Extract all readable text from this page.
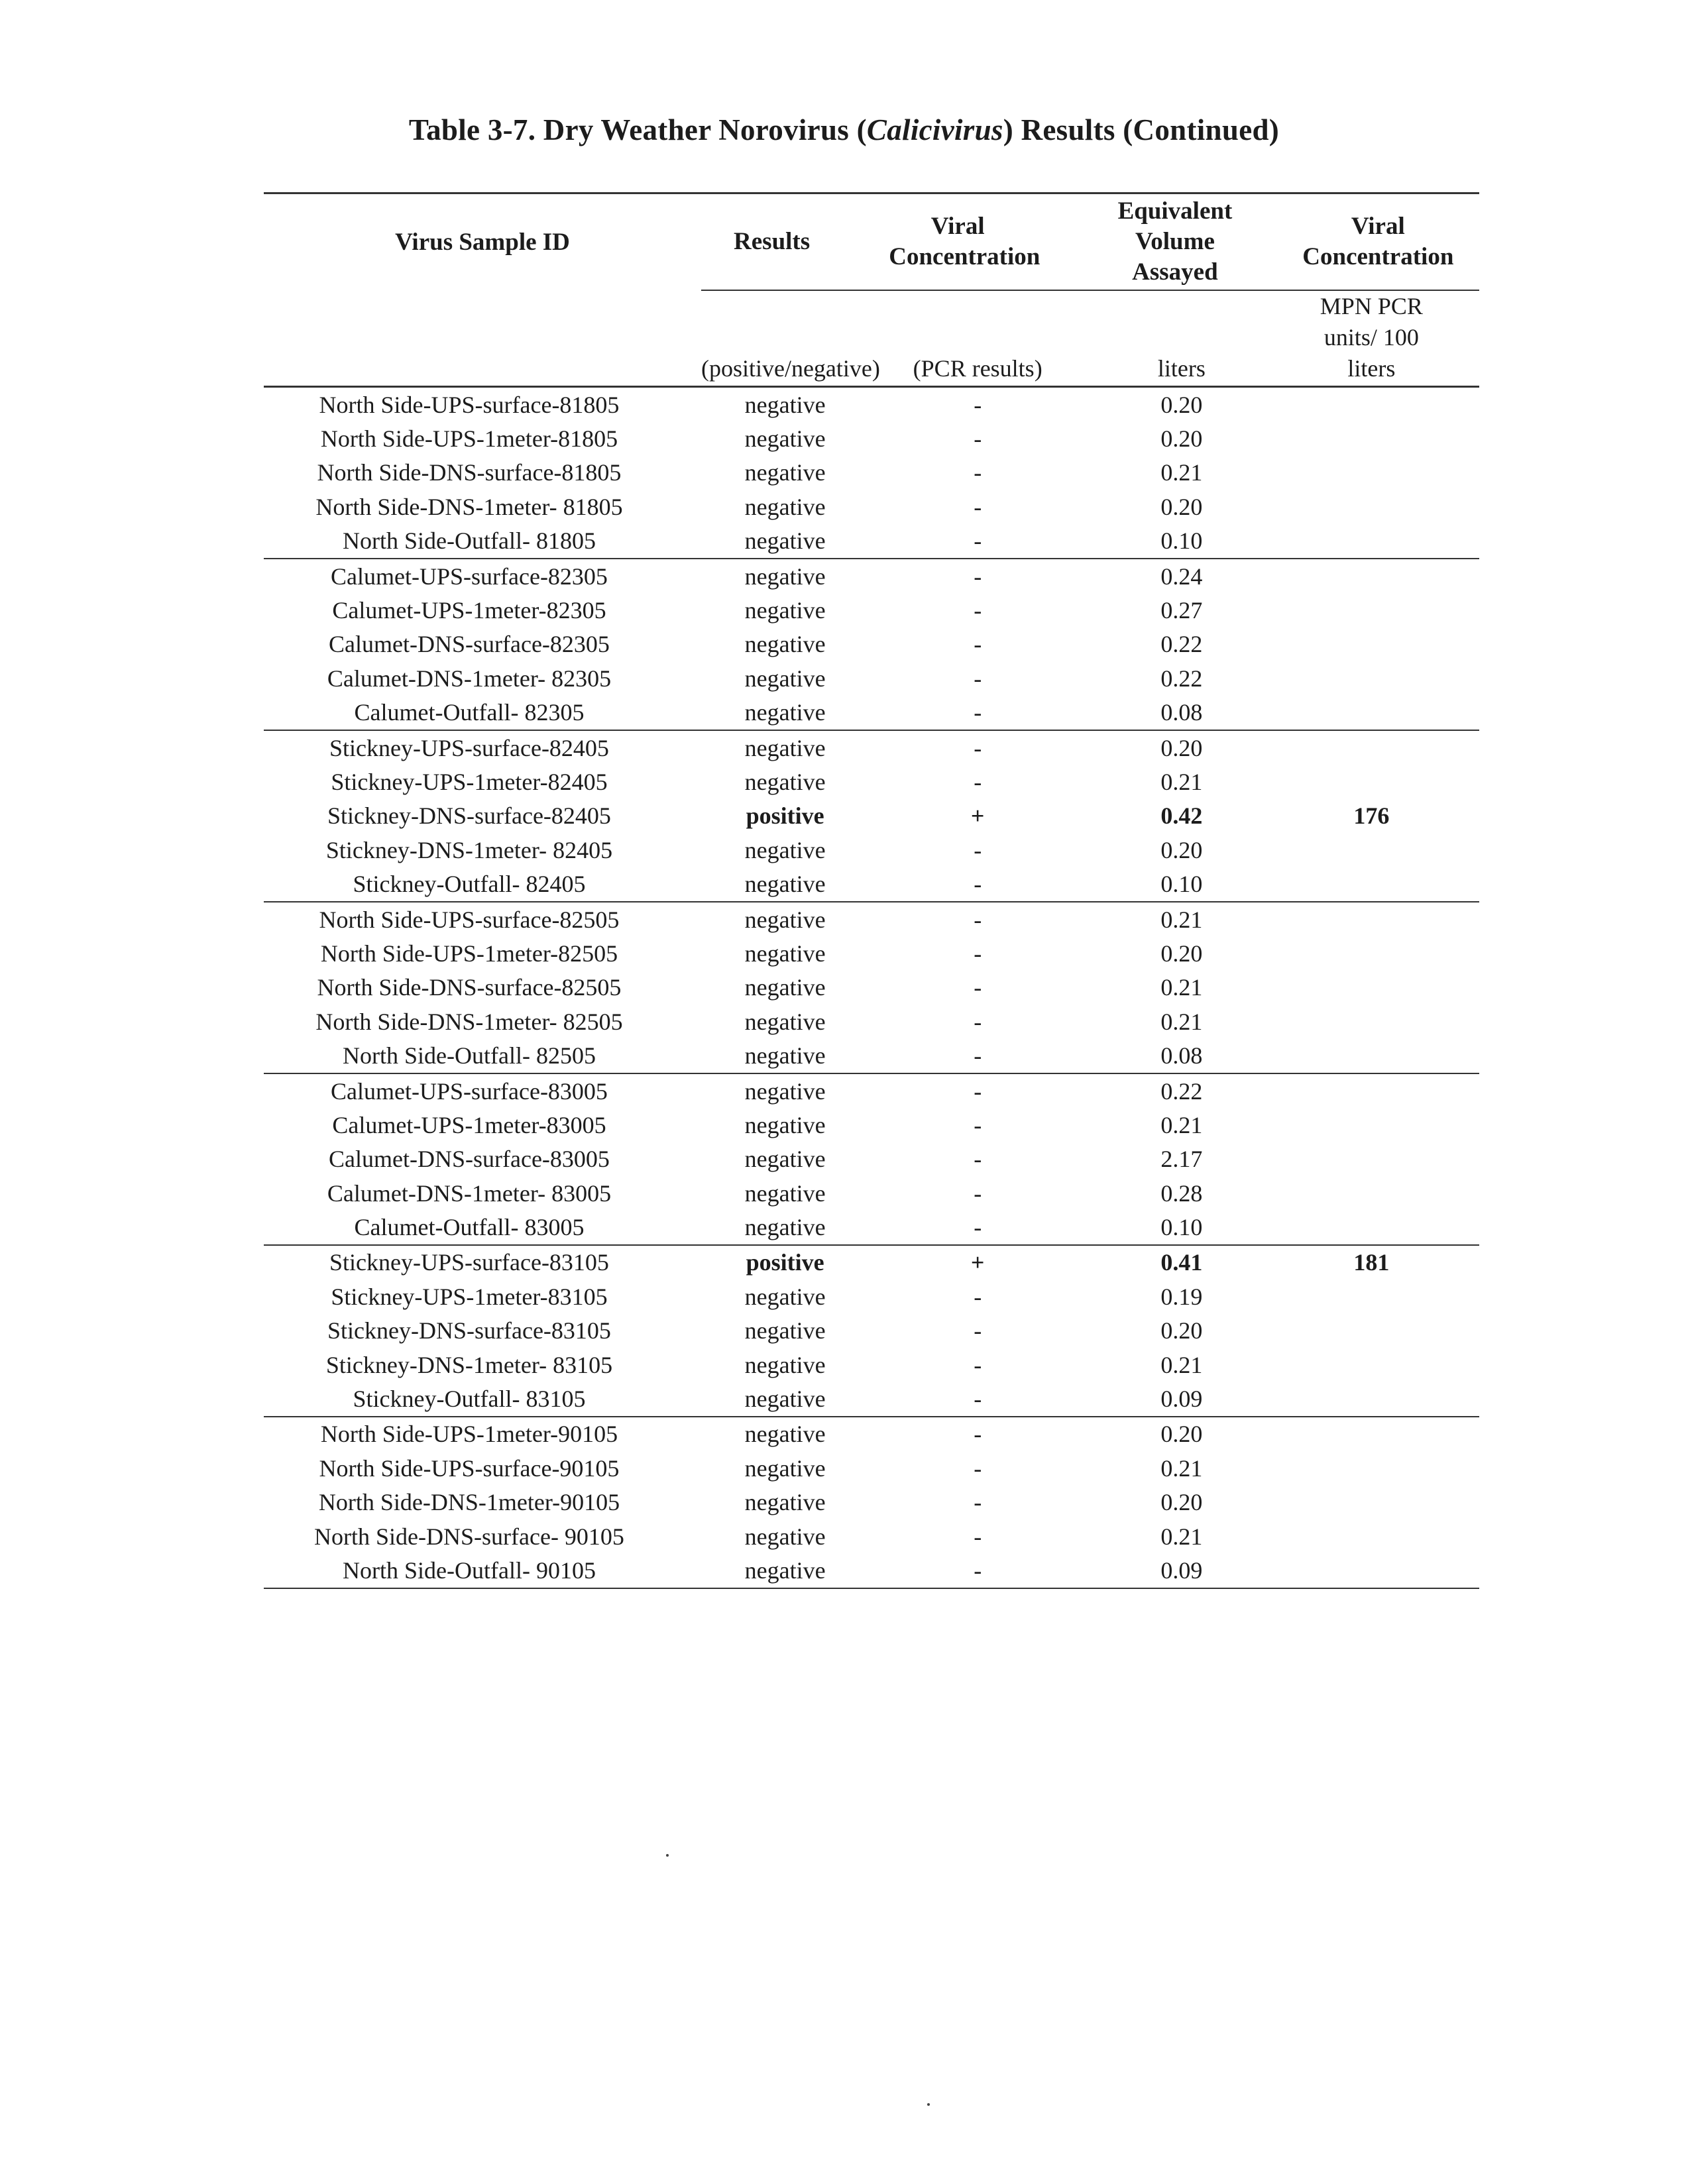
Table 3-7. Dry Weather Norovirus (Calicivirus) Results (Continued)
Virus Sample ID	Results	Viral Concentration	Equivalent Volume Assayed	Viral Concentration
	(positive/negative)	(PCR results)	liters	MPN PCR units/ 100 liters
North Side-UPS-surface-81805	negative	-	0.20	
North Side-UPS-1meter-81805	negative	-	0.20	
North Side-DNS-surface-81805	negative	-	0.21	
North Side-DNS-1meter- 81805	negative	-	0.20	
North Side-Outfall- 81805	negative	-	0.10	
Calumet-UPS-surface-82305	negative	-	0.24	
Calumet-UPS-1meter-82305	negative	-	0.27	
Calumet-DNS-surface-82305	negative	-	0.22	
Calumet-DNS-1meter- 82305	negative	-	0.22	
Calumet-Outfall- 82305	negative	-	0.08	
Stickney-UPS-surface-82405	negative	-	0.20	
Stickney-UPS-1meter-82405	negative	-	0.21	
Stickney-DNS-surface-82405	positive	+	0.42	176
Stickney-DNS-1meter- 82405	negative	-	0.20	
Stickney-Outfall- 82405	negative	-	0.10	
North Side-UPS-surface-82505	negative	-	0.21	
North Side-UPS-1meter-82505	negative	-	0.20	
North Side-DNS-surface-82505	negative	-	0.21	
North Side-DNS-1meter- 82505	negative	-	0.21	
North Side-Outfall- 82505	negative	-	0.08	
Calumet-UPS-surface-83005	negative	-	0.22	
Calumet-UPS-1meter-83005	negative	-	0.21	
Calumet-DNS-surface-83005	negative	-	2.17	
Calumet-DNS-1meter- 83005	negative	-	0.28	
Calumet-Outfall- 83005	negative	-	0.10	
Stickney-UPS-surface-83105	positive	+	0.41	181
Stickney-UPS-1meter-83105	negative	-	0.19	
Stickney-DNS-surface-83105	negative	-	0.20	
Stickney-DNS-1meter- 83105	negative	-	0.21	
Stickney-Outfall- 83105	negative	-	0.09	
North Side-UPS-1meter-90105	negative	-	0.20	
North Side-UPS-surface-90105	negative	-	0.21	
North Side-DNS-1meter-90105	negative	-	0.20	
North Side-DNS-surface- 90105	negative	-	0.21	
North Side-Outfall- 90105	negative	-	0.09	
